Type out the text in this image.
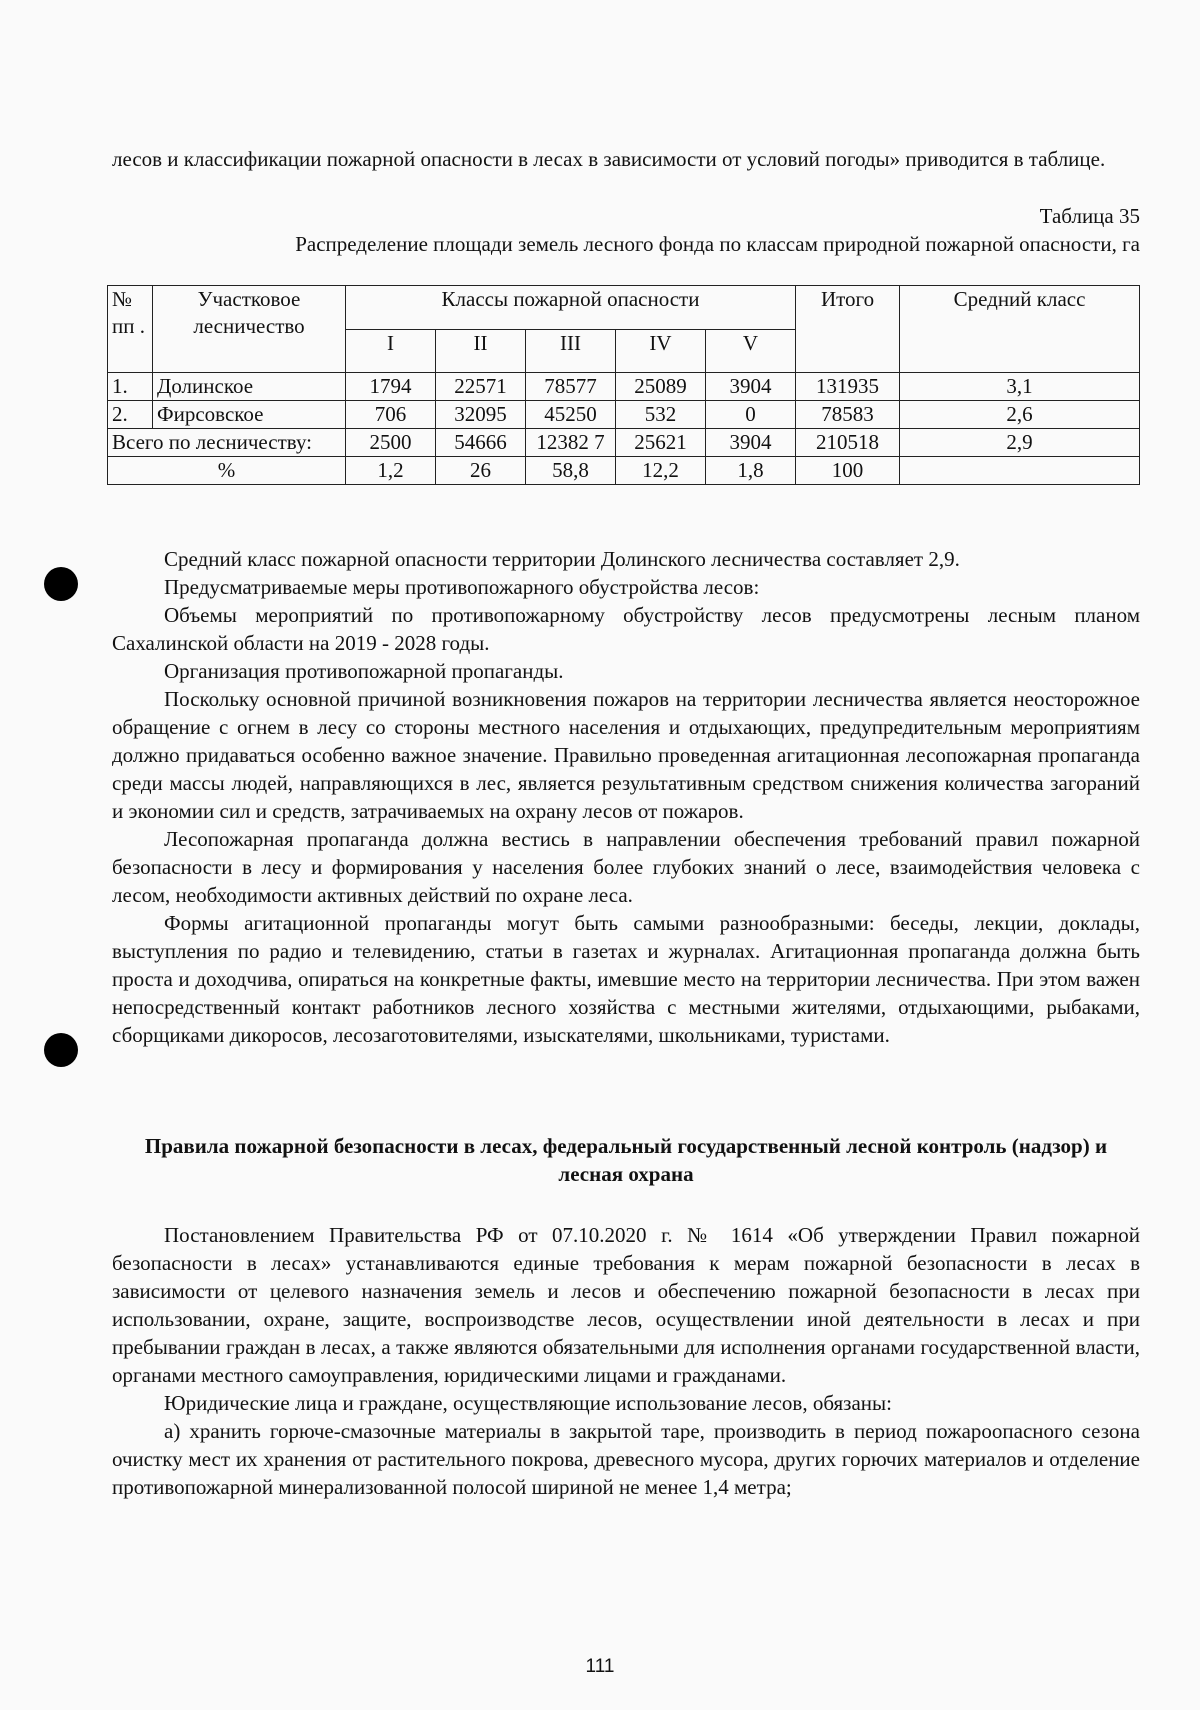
лесов и классификации пожарной опасности в лесах в зависимости от условий погоды» приводится в таблице.
Таблица 35
Распределение площади земель лесного фонда по классам природной пожарной опасности, га
№ пп .	Участковое лесничество	Классы пожарной опасности					Итого	Средний класс
		I	II	III	IV	V		
1.	Долинское	1794	22571	78577	25089	3904	131935	3,1
2.	Фирсовское	706	32095	45250	532	0	78583	2,6
Всего по лесничеству:		2500	54666	12382 7	25621	3904	210518	2,9
%		1,2	26	58,8	12,2	1,8	100	

Средний класс пожарной опасности территории Долинского лесничества составляет 2,9.

Предусматриваемые меры противопожарного обустройства лесов:

Объемы мероприятий по противопожарному обустройству лесов предусмотрены лесным планом Сахалинской области на 2019 - 2028 годы.

Организация противопожарной пропаганды.

Поскольку основной причиной возникновения пожаров на территории лесничества является неосторожное обращение с огнем в лесу со стороны местного населения и отдыхающих, предупредительным мероприятиям должно придаваться особенно важное значение. Правильно проведенная агитационная лесопожарная пропаганда среди массы людей, направляющихся в лес, является результативным средством снижения количества загораний и экономии сил и средств, затрачиваемых на охрану лесов от пожаров.

Лесопожарная пропаганда должна вестись в направлении обеспечения требований правил пожарной безопасности в лесу и формирования у населения более глубоких знаний о лесе, взаимодействия человека с лесом, необходимости активных действий по охране леса.

Формы агитационной пропаганды могут быть самыми разнообразными: беседы, лекции, доклады, выступления по радио и телевидению, статьи в газетах и журналах. Агитационная пропаганда должна быть проста и доходчива, опираться на конкретные факты, имевшие место на территории лесничества. При этом важен непосредственный контакт работников лесного хозяйства с местными жителями, отдыхающими, рыбаками, сборщиками дикоросов, лесозаготовителями, изыскателями, школьниками, туристами.

Правила пожарной безопасности в лесах, федеральный государственный лесной контроль (надзор) и лесная охрана

Постановлением Правительства РФ от 07.10.2020 г. № 1614 «Об утверждении Правил пожарной безопасности в лесах» устанавливаются единые требования к мерам пожарной безопасности в лесах в зависимости от целевого назначения земель и лесов и обеспечению пожарной безопасности в лесах при использовании, охране, защите, воспроизводстве лесов, осуществлении иной деятельности в лесах и при пребывании граждан в лесах, а также являются обязательными для исполнения органами государственной власти, органами местного самоуправления, юридическими лицами и гражданами.

Юридические лица и граждане, осуществляющие использование лесов, обязаны:

а) хранить горюче-смазочные материалы в закрытой таре, производить в период пожароопасного сезона очистку мест их хранения от растительного покрова, древесного мусора, других горючих материалов и отделение противопожарной минерализованной полосой шириной не менее 1,4 метра;

111
